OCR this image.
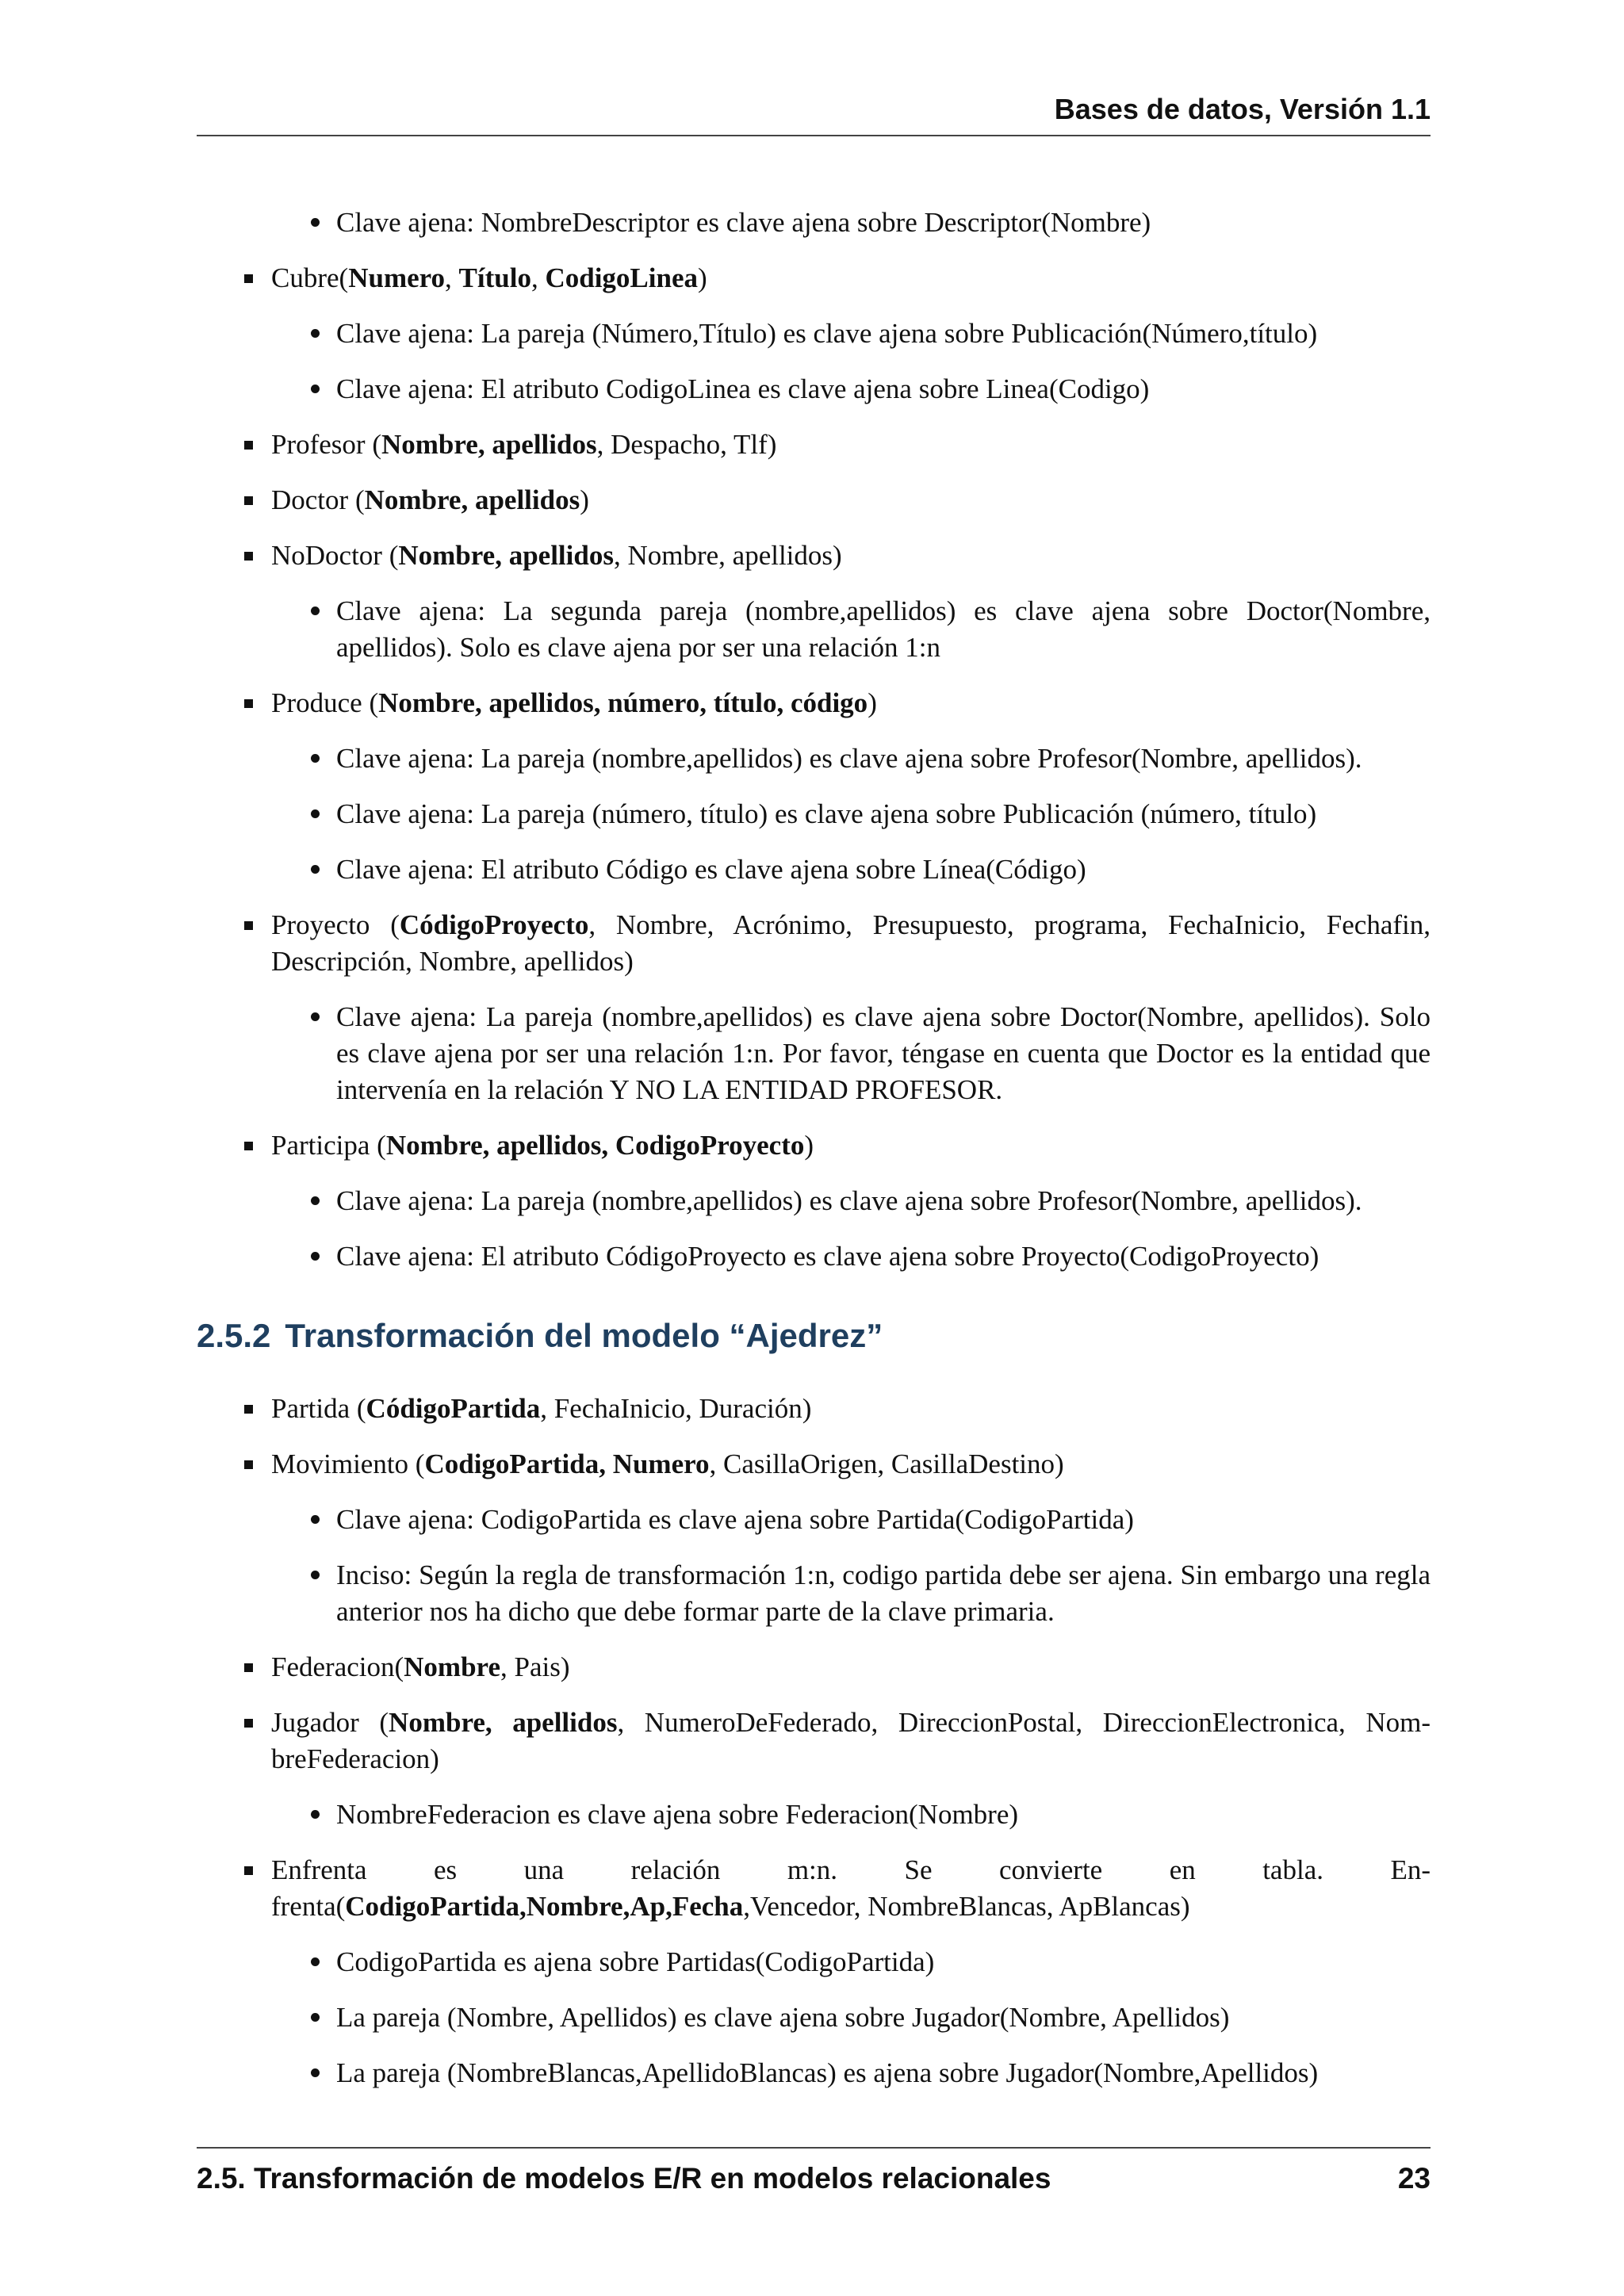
Bases de datos, Versión 1.1

Clave ajena: NombreDescriptor es clave ajena sobre Descriptor(Nombre)

Cubre(Numero, Título, CodigoLinea)

Clave ajena: La pareja (Número,Título) es clave ajena sobre Publicación(Número,título)

Clave ajena: El atributo CodigoLinea es clave ajena sobre Linea(Codigo)

Profesor (Nombre, apellidos, Despacho, Tlf)

Doctor (Nombre, apellidos)

NoDoctor (Nombre, apellidos, Nombre, apellidos)

Clave ajena: La segunda pareja (nombre,apellidos) es clave ajena sobre Doctor(Nombre, apellidos). Solo es clave ajena por ser una relación 1:n

Produce (Nombre, apellidos, número, título, código)

Clave ajena: La pareja (nombre,apellidos) es clave ajena sobre Profesor(Nombre, apellidos).

Clave ajena: La pareja (número, título) es clave ajena sobre Publicación (número, título)

Clave ajena: El atributo Código es clave ajena sobre Línea(Código)

Proyecto (CódigoProyecto, Nombre, Acrónimo, Presupuesto, programa, FechaInicio, Fechafin, Descripción, Nombre, apellidos)

Clave ajena: La pareja (nombre,apellidos) es clave ajena sobre Doctor(Nombre, apellidos). Solo es clave ajena por ser una relación 1:n. Por favor, téngase en cuenta que Doctor es la entidad que intervenía en la relación Y NO LA ENTIDAD PROFESOR.

Participa (Nombre, apellidos, CodigoProyecto)

Clave ajena: La pareja (nombre,apellidos) es clave ajena sobre Profesor(Nombre, apellidos).

Clave ajena: El atributo CódigoProyecto es clave ajena sobre Proyecto(CodigoProyecto)

2.5.2 Transformación del modelo “Ajedrez”

Partida (CódigoPartida, FechaInicio, Duración)

Movimiento (CodigoPartida, Numero, CasillaOrigen, CasillaDestino)

Clave ajena: CodigoPartida es clave ajena sobre Partida(CodigoPartida)

Inciso: Según la regla de transformación 1:n, codigo partida debe ser ajena. Sin embargo una regla anterior nos ha dicho que debe formar parte de la clave primaria.

Federacion(Nombre, Pais)

Jugador (Nombre, apellidos, NumeroDeFederado, DireccionPostal, DireccionElectronica, Nom-

breFederacion)

NombreFederacion es clave ajena sobre Federacion(Nombre)

Enfrenta es una relación m:n. Se convierte en tabla. En-

frenta(CodigoPartida,Nombre,Ap,Fecha,Vencedor, NombreBlancas, ApBlancas)

CodigoPartida es ajena sobre Partidas(CodigoPartida)

La pareja (Nombre, Apellidos) es clave ajena sobre Jugador(Nombre, Apellidos)

La pareja (NombreBlancas,ApellidoBlancas) es ajena sobre Jugador(Nombre,Apellidos)

2.5. Transformación de modelos E/R en modelos relacionales	23
